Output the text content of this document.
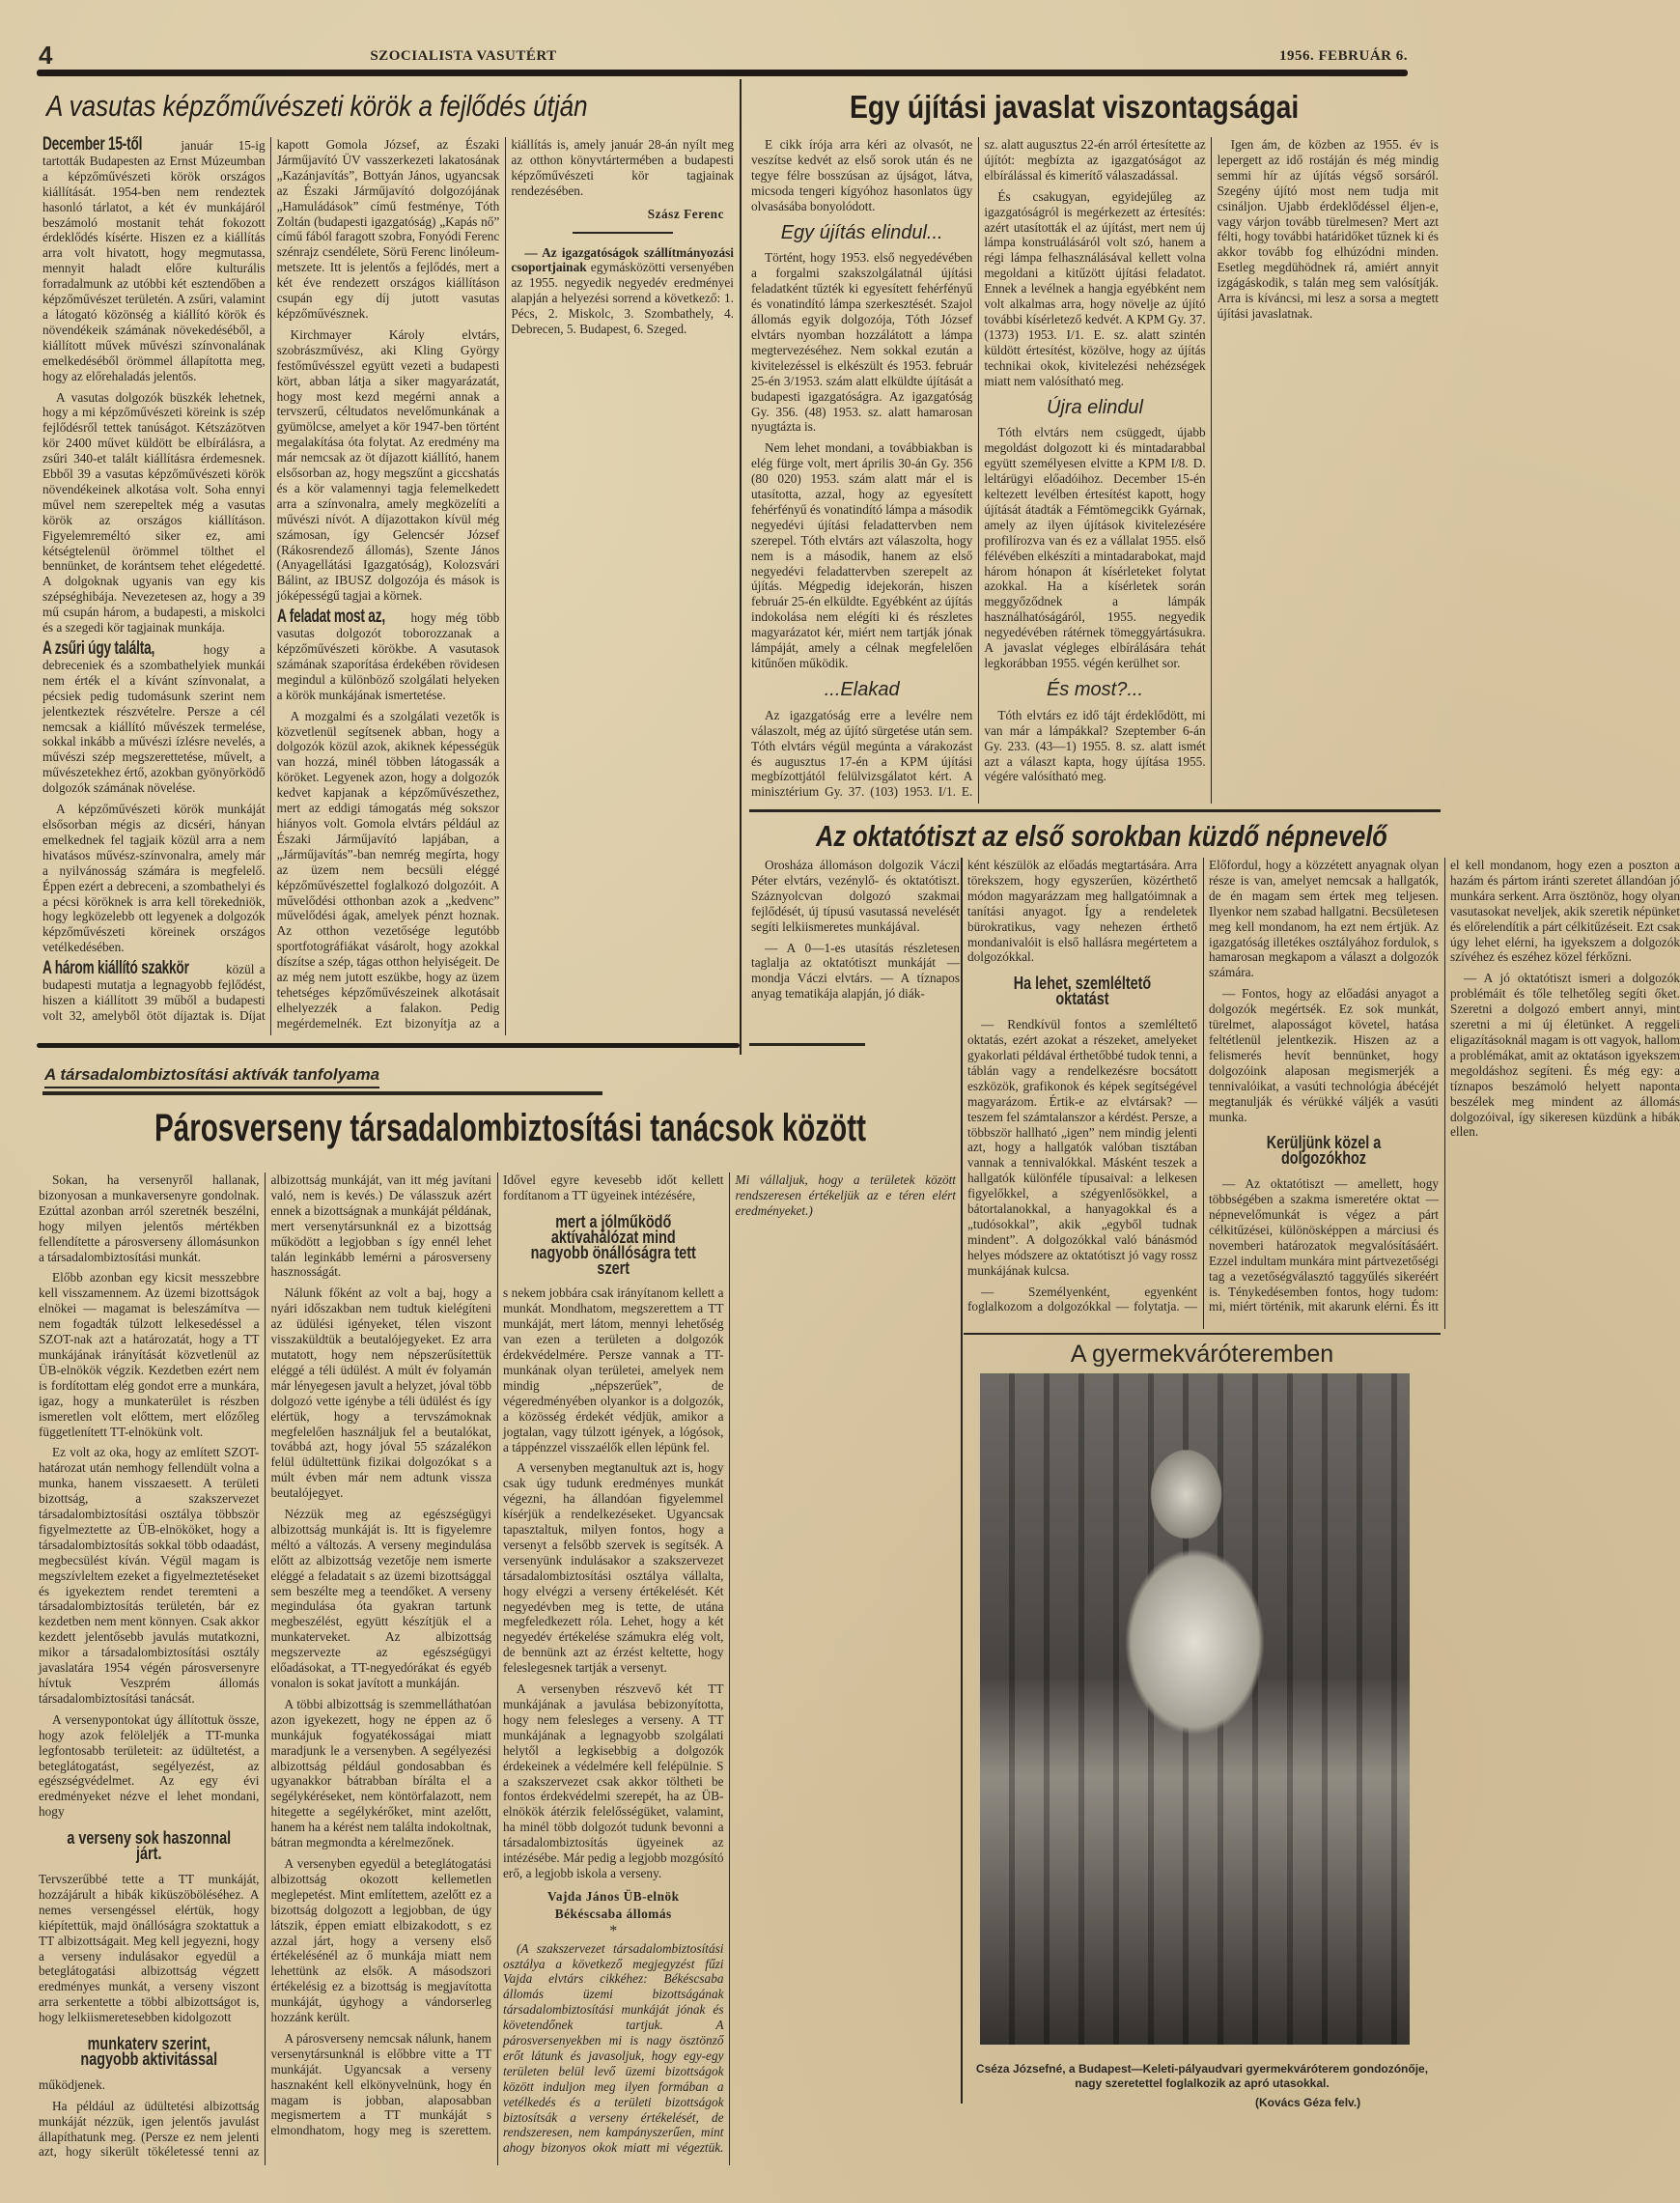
4	SZOCIALISTA VASUTÉRT	1956. FEBRUÁR 6.
A vasutas képzőművészeti körök a fejlődés útján

December 15-től	január 15-ig tartották Budapesten az Ernst Múzeumban a képzőművészeti körök országos kiállítását. 1954-ben nem rendeztek hasonló tárlatot, a két év munkájáról beszámoló mostanit tehát fokozott érdeklődés kísérte. Hiszen ez a kiállítás arra volt hivatott, hogy megmutassa, mennyit haladt előre kulturális forradalmunk az utóbbi két esztendőben a képzőművészet területén. A zsűri, valamint a látogató közönség a kiállító körök és növendékeik számának növekedéséből, a kiállított művek művészi színvonalának emelkedéséből örömmel állapította meg, hogy az előrehaladás jelentős.

A vasutas dolgozók büszkék lehetnek, hogy a mi képzőművészeti köreink is szép fejlődésről tettek tanúságot. Kétszázötven kör 2400 művet küldött be elbírálásra, a zsűri 340-et talált kiállításra érdemesnek. Ebből 39 a vasutas képzőművészeti körök növendékeinek alkotása volt. Soha ennyi művel nem szerepeltek még a vasutas körök az országos kiállításon. Figyelemreméltó siker ez, ami kétségtelenül örömmel tölthet el bennünket, de korántsem tehet elégedetté. A dolgoknak ugyanis van egy kis szépséghibája. Nevezetesen az, hogy a 39 mű csupán három, a budapesti, a miskolci és a szegedi kör tagjainak munkája.

A zsűri úgy találta,	hogy a debreceniek és a szombathelyiek munkái nem érték el a kívánt színvonalat, a pécsiek pedig tudomásunk szerint nem jelentkeztek részvételre. Persze a cél nemcsak a kiállító művészek termelése, sokkal inkább a művészi ízlésre nevelés, a művészi szép megszerettetése, művelt, a művészetekhez értő, azokban gyönyörködő dolgozók számának növelése.

A képzőművészeti körök munkáját elsősorban mégis az dicséri, hányan emelkednek fel tagjaik közül arra a nem hivatásos művész-színvonalra, amely már a nyilvánosság számára is megfelelő. Éppen ezért a debreceni, a szombathelyi és a pécsi köröknek is arra kell törekedniök, hogy legközelebb ott legyenek a dolgozók képzőművészeti köreinek országos vetélkedésében.

A három kiállító szakkör	közül a budapesti mutatja a legnagyobb fejlődést, hiszen a kiállított 39 műből a budapesti volt 32, amelyből ötöt díjaztak is. Díjat kapott Gomola József, az Északi Járműjavító ÜV vasszerkezeti lakatosának „Kazánjavítás”, Bottyán János, ugyancsak az Északi Járműjavító dolgozójának „Hamuládások” című festménye, Tóth Zoltán (budapesti igazgatóság) „Kapás nő” című fából faragott szobra, Fonyódi Ferenc szénrajz csendélete, Sörü Ferenc linóleum-metszete. Itt is jelentős a fejlődés, mert a két éve rendezett országos kiállításon csupán egy díj jutott vasutas képzőművésznek.

Kirchmayer Károly elvtárs, szobrászművész, aki Kling György festőművésszel együtt vezeti a budapesti kört, abban látja a siker magyarázatát, hogy most kezd megérni annak a tervszerű, céltudatos nevelőmunkának a gyümölcse, amelyet a kör 1947-ben történt megalakítása óta folytat. Az eredmény ma már nemcsak az öt díjazott kiállító, hanem elsősorban az, hogy megszűnt a giccshatás és a kör valamennyi tagja felemelkedett arra a színvonalra, amely megközelíti a művészi nívót. A díjazottakon kívül még számosan, így Gelencsér József (Rákosrendező állomás), Szente János (Anyagellátási Igazgatóság), Kolozsvári Bálint, az IBUSZ dolgozója és mások is jóképességű tagjai a körnek.

A feladat most az, hogy még több vasutas dolgozót toborozzanak a képzőművészeti körökbe. A vasutasok számának szaporítása érdekében rövidesen megindul a különböző szolgálati helyeken a körök munkájának ismertetése.

A mozgalmi és a szolgálati vezetők is közvetlenül segítsenek abban, hogy a dolgozók közül azok, akiknek képességük van hozzá, minél többen látogassák a köröket. Legyenek azon, hogy a dolgozók kedvet kapjanak a képzőművészethez, mert az eddigi támogatás még sokszor hiányos volt. Gomola elvtárs például az Északi Járműjavító lapjában, a „Járműjavítás”-ban nemrég megírta, hogy az üzem nem becsüli eléggé képzőművészettel foglalkozó dolgozóit. A művelődési otthonban azok a „kedvenc” művelődési ágak, amelyek pénzt hoznak. Az otthon vezetősége legutóbb sportfotográfiákat vásárolt, hogy azokkal díszítse a szép, tágas otthon helyiségeit. De az még nem jutott eszükbe, hogy az üzem tehetséges képzőművészeinek alkotásait elhelyezzék a falakon. Pedig megérdemelnék. Ezt bizonyítja az a kiállítás is, amely január 28-án nyílt meg az otthon könyvtártermében a budapesti képzőművészeti kör tagjainak rendezésében.

Szász Ferenc

— Az igazgatóságok szállítmányozási csoportjainak egymásközötti versenyében az 1955. negyedik negyedév eredményei alapján a helyezési sorrend a következő: 1. Pécs, 2. Miskolc, 3. Szombathely, 4. Debrecen, 5. Budapest, 6. Szeged.

Egy újítási javaslat viszontagságai

E cikk írója arra kéri az olvasót, ne veszítse kedvét az első sorok után és ne tegye félre bosszúsan az újságot, látva, micsoda tengeri kígyóhoz hasonlatos ügy olvasásába bonyolódott.

Egy újítás elindul...

Történt, hogy 1953. első negyedévében a forgalmi szakszolgálatnál újítási feladatként tűzték ki egyesített fehérfényű és vonatindító lámpa szerkesztését. Szajol állomás egyik dolgozója, Tóth József elvtárs nyomban hozzálátott a lámpa megtervezéséhez. Nem sokkal ezután a kivitelezéssel is elkészült és 1953. február 25-én 3/1953. szám alatt elküldte újítását a budapesti igazgatóságra. Az igazgatóság Gy. 356. (48) 1953. sz. alatt hamarosan nyugtázta is.

Nem lehet mondani, a továbbiakban is elég fürge volt, mert április 30-án Gy. 356 (80 020) 1953. szám alatt már el is utasította, azzal, hogy az egyesített fehérfényű és vonatindító lámpa a második negyedévi újítási feladattervben nem szerepel. Tóth elvtárs azt válaszolta, hogy nem is a második, hanem az első negyedévi feladattervben szerepelt az újítás. Mégpedig idejekorán, hiszen február 25-én elküldte. Egyébként az újítás indokolása nem elégíti ki és részletes magyarázatot kér, miért nem tartják jónak lámpáját, amely a célnak megfelelően kitűnően működik.

...Elakad

Az igazgatóság erre a levélre nem válaszolt, még az újító sürgetése után sem. Tóth elvtárs végül megúnta a várakozást és augusztus 17-én a KPM újítási megbízottjától felülvizsgálatot kért. A minisztérium Gy. 37. (103) 1953. I/1. E. sz. alatt augusztus 22-én arról értesítette az újítót: megbízta az igazgatóságot az elbírálással és kimerítő válaszadással.

És csakugyan, egyidejűleg az igazgatóságról is megérkezett az értesítés: azért utasították el az újítást, mert nem új lámpa konstruálásáról volt szó, hanem a régi lámpa felhasználásával kellett volna megoldani a kitűzött újítási feladatot. Ennek a levélnek a hangja egyébként nem volt alkalmas arra, hogy növelje az újító további kísérletező kedvét. A KPM Gy. 37. (1373) 1953. I/1. E. sz. alatt szintén küldött értesítést, közölve, hogy az újítás technikai okok, kivitelezési nehézségek miatt nem valósítható meg.

Újra elindul

Tóth elvtárs nem csüggedt, újabb megoldást dolgozott ki és mintadarabbal együtt személyesen elvitte a KPM I/8. D. leltárügyi előadóihoz. December 15-én keltezett levélben értesítést kapott, hogy újítását átadták a Fémtömegcikk Gyárnak, amely az ilyen újítások kivitelezésére profilírozva van és ez a vállalat 1955. első félévében elkészíti a mintadarabokat, majd három hónapon át kísérleteket folytat azokkal. Ha a kísérletek során meggyőződnek a lámpák használhatóságáról, 1955. negyedik negyedévében rátérnek tömeggyártásukra. A javaslat végleges elbírálására tehát legkorábban 1955. végén kerülhet sor.

És most?...

Tóth elvtárs ez idő tájt érdeklődött, mi van már a lámpákkal? Szeptember 6-án Gy. 233. (43—1) 1955. 8. sz. alatt ismét azt a választ kapta, hogy újítása 1955. végére valósítható meg.

Igen ám, de közben az 1955. év is lepergett az idő rostáján és még mindig semmi hír az újítás végső sorsáról. Szegény újító most nem tudja mit csináljon. Ujabb érdeklődéssel éljen-e, vagy várjon tovább türelmesen? Mert azt félti, hogy további határidőket tűznek ki és akkor tovább fog elhúzódni minden. Esetleg megdühödnek rá, amiért annyit izgágáskodik, s talán meg sem valósítják. Arra is kíváncsi, mi lesz a sorsa a megtett újítási javaslatnak.

Az oktatótiszt az első sorokban küzdő népnevelő

Orosháza állomáson dolgozik Váczi Péter elvtárs, vezénylő- és oktatótiszt. Száznyolcvan dolgozó szakmai fejlődését, új típusú vasutassá nevelését segíti lelkiismeretes munkájával.

— A 0—1-es utasítás részletesen taglalja az oktatótiszt munkáját — mondja Váczi elvtárs. — A tíznapos anyag tematikája alapján, jó diák-

ként készülök az előadás megtartására. Arra törekszem, hogy egyszerűen, közérthető módon magyarázzam meg hallgatóimnak a tanítási anyagot. Így a rendeletek bürokratikus, vagy nehezen érthető mondanivalóit is első hallásra megértetem a dolgozókkal.

Ha lehet, szemléltető oktatást

— Rendkívül fontos a szemléltető oktatás, ezért azokat a részeket, amelyeket gyakorlati példával érthetőbbé tudok tenni, a táblán vagy a rendelkezésre bocsátott eszközök, grafikonok és képek segítségével magyarázom. Értik-e az elvtársak? — teszem fel számtalanszor a kérdést. Persze, a többször hallható „igen” nem mindig jelenti azt, hogy a hallgatók valóban tisztában vannak a tennivalókkal. Másként teszek a hallgatók különféle típusaival: a lelkesen figyelőkkel, a szégyenlősökkel, a bátortalanokkal, a hanyagokkal és a „tudósokkal”, akik „egyből tudnak mindent”. A dolgozókkal való bánásmód helyes módszere az oktatótiszt jó vagy rossz munkájának kulcsa.

— Személyenként, egyenként foglalkozom a dolgozókkal — folytatja. — Előfordul, hogy a közzétett anyagnak olyan része is van, amelyet nemcsak a hallgatók, de én magam sem értek meg teljesen. Ilyenkor nem szabad hallgatni. Becsületesen meg kell mondanom, ha ezt nem értjük. Az igazgatóság illetékes osztályához fordulok, s hamarosan megkapom a választ a dolgozók számára.

— Fontos, hogy az előadási anyagot a dolgozók megértsék. Ez sok munkát, türelmet, alaposságot követel, hatása feltétlenül jelentkezik. Hiszen az a felismerés hevít bennünket, hogy dolgozóink alaposan megismerjék a tennivalóikat, a vasúti technológia ábécéjét megtanulják és vérükké váljék a vasúti munka.

Kerüljünk közel a dolgozókhoz

— Az oktatótiszt — amellett, hogy többségében a szakma ismeretére oktat — népnevelőmunkát is végez a párt célkitűzései, különösképpen a márciusi és novemberi határozatok megvalósításáért. Ezzel indultam munkára mint pártvezetőségi tag a vezetőségválasztó taggyűlés sikeréért is. Ténykedésemben fontos, hogy tudom: mi, miért történik, mit akarunk elérni. És itt el kell mondanom, hogy ezen a poszton a hazám és pártom iránti szeretet állandóan jó munkára serkent. Arra ösztönöz, hogy olyan vasutasokat neveljek, akik szeretik népünket és előrelendítik a párt célkitűzéseit. Ezt csak úgy lehet elérni, ha igyekszem a dolgozók szívéhez és eszéhez közel férkőzni.

— A jó oktatótiszt ismeri a dolgozók problémáit és tőle telhetőleg segíti őket. Szeretni a dolgozó embert annyi, mint szeretni a mi új életünket. A reggeli eligazításoknál magam is ott vagyok, hallom a problémákat, amit az oktatáson igyekszem megoldáshoz segíteni. És még egy: a tíznapos beszámoló helyett naponta beszélek meg mindent az állomás dolgozóival, így sikeresen küzdünk a hibák ellen.

A gyermekváróteremben
Cséza Józsefné, a Budapest—Keleti-pályaudvari gyermekváróterem gondozónője, nagy szeretettel foglalkozik az apró utasokkal.
(Kovács Géza felv.)
A társadalombiztosítási aktívák tanfolyama
Párosverseny társadalombiztosítási tanácsok között

Sokan, ha versenyről hallanak, bizonyosan a munkaversenyre gondolnak. Ezúttal azonban arról szeretnék beszélni, hogy milyen jelentős mértékben fellendítette a párosverseny állomásunkon a társadalombiztosítási munkát.

Előbb azonban egy kicsit messzebbre kell visszamennem. Az üzemi bizottságok elnökei — magamat is beleszámítva — nem fogadták túlzott lelkesedéssel a SZOT-nak azt a határozatát, hogy a TT munkájának irányítását közvetlenül az ÜB-elnökök végzik. Kezdetben ezért nem is fordítottam elég gondot erre a munkára, igaz, hogy a munkaterület is részben ismeretlen volt előttem, mert előzőleg függetlenített TT-elnökünk volt.

Ez volt az oka, hogy az említett SZOT-határozat után nemhogy fellendült volna a munka, hanem visszaesett. A területi bizottság, a szakszervezet társadalombiztosítási osztálya többször figyelmeztette az ÜB-elnököket, hogy a társadalombiztosítás sokkal több odaadást, megbecsülést kíván. Végül magam is megszívleltem ezeket a figyelmeztetéseket és igyekeztem rendet teremteni a társadalombiztosítás területén, bár ez kezdetben nem ment könnyen. Csak akkor kezdett jelentősebb javulás mutatkozni, mikor a társadalombiztosítási osztály javaslatára 1954 végén párosversenyre hívtuk Veszprém állomás társadalombiztosítási tanácsát.

A versenypontokat úgy állítottuk össze, hogy azok felöleljék a TT-munka legfontosabb területeit: az üdültetést, a beteglátogatást, segélyezést, az egészségvédelmet. Az egy évi eredményeket nézve el lehet mondani, hogy

a verseny sok haszonnal járt.

Tervszerűbbé tette a TT munkáját, hozzájárult a hibák kiküszöböléséhez. A nemes versengéssel elértük, hogy kiépítettük, majd önállóságra szoktattuk a TT albizottságait. Meg kell jegyezni, hogy a verseny indulásakor egyedül a beteglátogatási albizottság végzett eredményes munkát, a verseny viszont arra serkentette a többi albizottságot is, hogy lelkiismeretesebben kidolgozott

munkaterv szerint, nagyobb aktivitással

működjenek.

Ha például az üdültetési albizottság munkáját nézzük, igen jelentős javulást állapíthatunk meg. (Persze ez nem jelenti azt, hogy sikerült tökéletessé tenni az albizottság munkáját, van itt még javítani való, nem is kevés.) De válasszuk azért ennek a bizottságnak a munkáját példának, mert versenytársunknál ez a bizottság működött a legjobban s így ennél lehet talán leginkább lemérni a párosverseny hasznosságát.

Nálunk főként az volt a baj, hogy a nyári időszakban nem tudtuk kielégíteni az üdülési igényeket, télen viszont visszaküldtük a beutalójegyeket. Ez arra mutatott, hogy nem népszerűsítettük eléggé a téli üdülést. A múlt év folyamán már lényegesen javult a helyzet, jóval több dolgozó vette igénybe a téli üdülést és így elértük, hogy a tervszámoknak megfelelően használjuk fel a beutalókat, továbbá azt, hogy jóval 55 százalékon felül üdültettünk fizikai dolgozókat s a múlt évben már nem adtunk vissza beutalójegyet.

Nézzük meg az egészségügyi albizottság munkáját is. Itt is figyelemre méltó a változás. A verseny megindulása előtt az albizottság vezetője nem ismerte eléggé a feladatait s az üzemi bizottsággal sem beszélte meg a teendőket. A verseny megindulása óta gyakran tartunk megbeszélést, együtt készítjük el a munkaterveket. Az albizottság megszervezte az egészségügyi előadásokat, a TT-negyedórákat és egyéb vonalon is sokat javított a munkáján.

A többi albizottság is szemmelláthatóan azon igyekezett, hogy ne éppen az ő munkájuk fogyatékosságai miatt maradjunk le a versenyben. A segélyezési albizottság például gondosabban és ugyanakkor bátrabban bírálta el a segélykéréseket, nem köntörfalazott, nem hitegette a segélykérőket, mint azelőtt, hanem ha a kérést nem találta indokoltnak, bátran megmondta a kérelmezőnek.

A versenyben egyedül a beteglátogatási albizottság okozott kellemetlen meglepetést. Mint említettem, azelőtt ez a bizottság dolgozott a legjobban, de úgy látszik, éppen emiatt elbizakodott, s ez azzal járt, hogy a verseny első értékelésénél az ő munkája miatt nem lehettünk az elsők. A másodszori értékelésig ez a bizottság is megjavította munkáját, úgyhogy a vándorserleg hozzánk került.

A párosverseny nemcsak nálunk, hanem versenytársunknál is előbbre vitte a TT munkáját. Ugyancsak a verseny hasznaként kell elkönyvelnünk, hogy én magam is jobban, alaposabban megismertem a TT munkáját s elmondhatom, hogy meg is szerettem. Idővel egyre kevesebb időt kellett fordítanom a TT ügyeinek intézésére,

mert a jólműködő aktívahálózat mind nagyobb önállóságra tett szert

s nekem jobbára csak irányítanom kellett a munkát. Mondhatom, megszerettem a TT munkáját, mert látom, mennyi lehetőség van ezen a területen a dolgozók érdekvédelmére. Persze vannak a TT-munkának olyan területei, amelyek nem mindig „népszerűek”, de végeredményében olyankor is a dolgozók, a közösség érdekét védjük, amikor a jogtalan, vagy túlzott igények, a lógósok, a táppénzzel visszaélők ellen lépünk fel.

A versenyben megtanultuk azt is, hogy csak úgy tudunk eredményes munkát végezni, ha állandóan figyelemmel kísérjük a rendelkezéseket. Ugyancsak tapasztaltuk, milyen fontos, hogy a versenyt a felsőbb szervek is segítsék. A versenyünk indulásakor a szakszervezet társadalombiztosítási osztálya vállalta, hogy elvégzi a verseny értékelését. Két negyedévben meg is tette, de utána megfeledkezett róla. Lehet, hogy a két negyedév értékelése számukra elég volt, de bennünk azt az érzést keltette, hogy feleslegesnek tartják a versenyt.

A versenyben részvevő két TT munkájának a javulása bebizonyította, hogy nem felesleges a verseny. A TT munkájának a legnagyobb szolgálati helytől a legkisebbig a dolgozók érdekeinek a védelmére kell felépülnie. S a szakszervezet csak akkor töltheti be fontos érdekvédelmi szerepét, ha az ÜB-elnökök átérzik felelősségüket, valamint, ha minél több dolgozót tudunk bevonni a társadalombiztosítás ügyeinek az intézésébe. Már pedig a legjobb mozgósító erő, a legjobb iskola a verseny.

Vajda János ÜB-elnök
Békéscsaba állomás
*

(A szakszervezet társadalombiztosítási osztálya a következő megjegyzést fűzi Vajda elvtárs cikkéhez: Békéscsaba állomás üzemi bizottságának társadalombiztosítási munkáját jónak és követendőnek tartjuk. A párosversenyekben mi is nagy ösztönző erőt látunk és javasoljuk, hogy egy-egy területen belül levő üzemi bizottságok között induljon meg ilyen formában a vetélkedés és a területi bizottságok biztosítsák a verseny értékelését, de rendszeresen, nem kampányszerűen, mint ahogy bizonyos okok miatt mi végeztük. Mi vállaljuk, hogy a területek között rendszeresen értékeljük az e téren elért eredményeket.)
